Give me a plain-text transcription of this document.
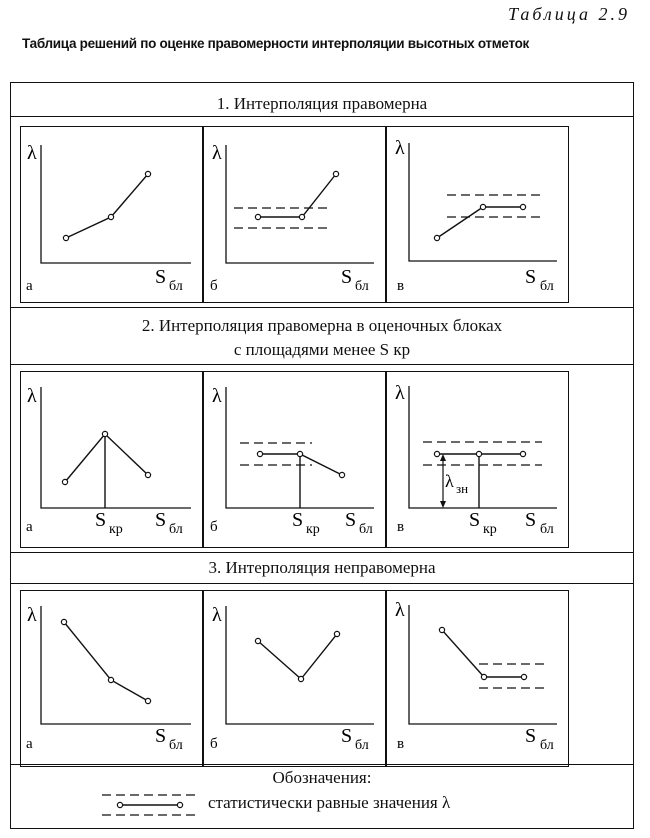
Таблица 2.9
Таблица решений по оценке правомерности интерполяции высотных отметок
1. Интерполяция правомерна
λ
а	S бл
λ
б	S бл
λ
в	S бл
2. Интерполяция правомерна в оценочных блоках
с площадями менее S кр
λ
а	S кр S бл
λ
б	S кр S бл
λ
λ зн
в	S кр S бл
3. Интерполяция неправомерна
λ
а	S бл
λ
б	S бл
λ
в	S бл
Обозначения:
статистически равные значения λ
